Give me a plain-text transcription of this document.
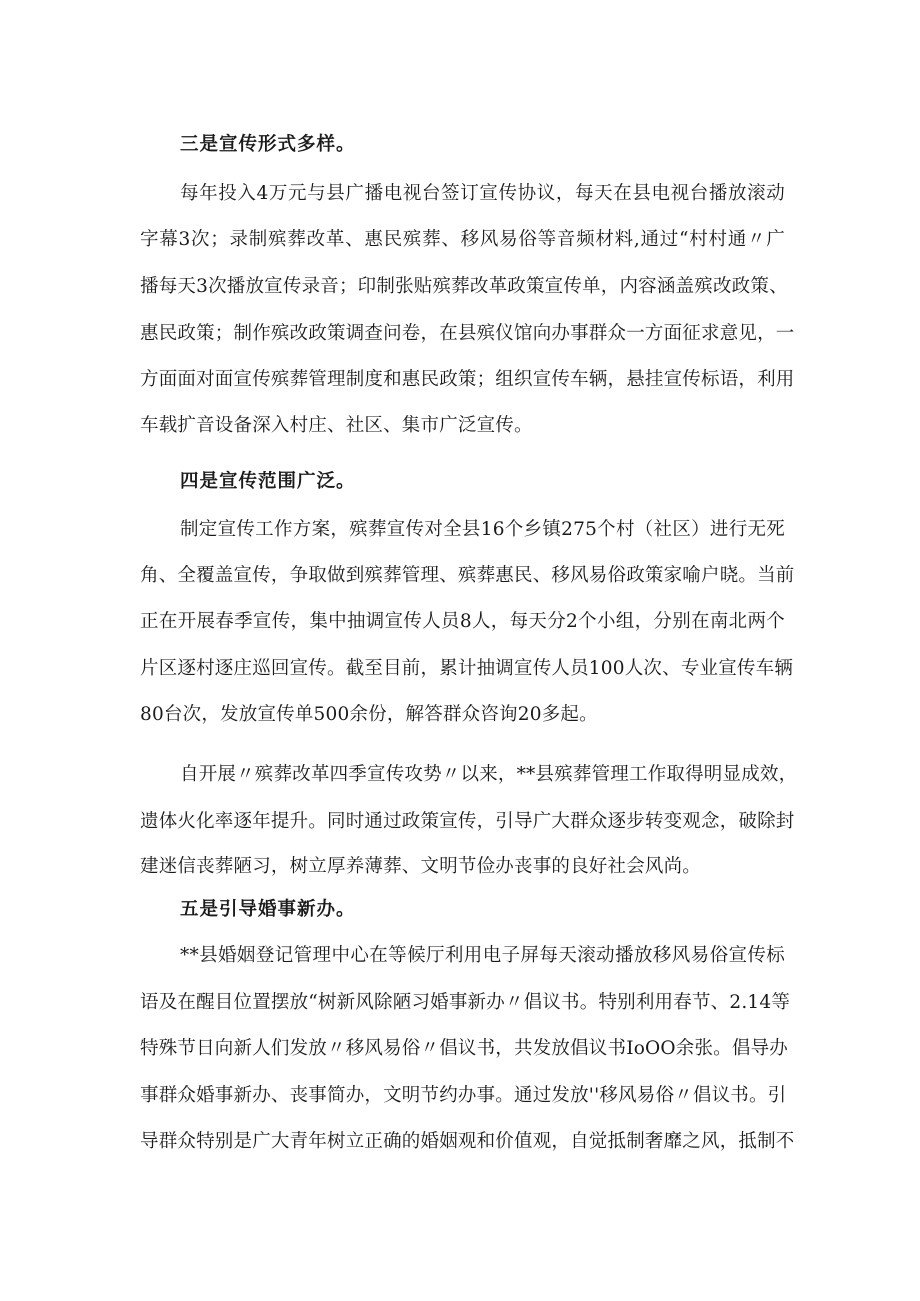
三是宣传形式多样。
每年投入4万元与县广播电视台签订宣传协议，每天在县电视台播放滚动
字幕3次；录制殡葬改革、惠民殡葬、移风易俗等音频材料,通过“村村通〃广
播每天3次播放宣传录音；印制张贴殡葬改革政策宣传单，内容涵盖殡改政策、
惠民政策；制作殡改政策调查问卷，在县殡仪馆向办事群众一方面征求意见，一
方面面对面宣传殡葬管理制度和惠民政策；组织宣传车辆，悬挂宣传标语，利用
车载扩音设备深入村庄、社区、集市广泛宣传。
四是宣传范围广泛。
制定宣传工作方案，殡葬宣传对全县16个乡镇275个村（社区）进行无死
角、全覆盖宣传，争取做到殡葬管理、殡葬惠民、移风易俗政策家喻户晓。当前
正在开展春季宣传，集中抽调宣传人员8人，每天分2个小组，分别在南北两个
片区逐村逐庄巡回宣传。截至目前，累计抽调宣传人员100人次、专业宣传车辆
80台次，发放宣传单500余份，解答群众咨询20多起。
自开展〃殡葬改革四季宣传攻势〃以来，**县殡葬管理工作取得明显成效，
遗体火化率逐年提升。同时通过政策宣传，引导广大群众逐步转变观念，破除封
建迷信丧葬陋习，树立厚养薄葬、文明节俭办丧事的良好社会风尚。
五是引导婚事新办。
**县婚姻登记管理中心在等候厅利用电子屏每天滚动播放移风易俗宣传标
语及在醒目位置摆放“树新风除陋习婚事新办〃倡议书。特别利用春节、2.14等
特殊节日向新人们发放〃移风易俗〃倡议书，共发放倡议书IoOO余张。倡导办
事群众婚事新办、丧事简办，文明节约办事。通过发放''移风易俗〃倡议书。引
导群众特别是广大青年树立正确的婚姻观和价值观，自觉抵制奢靡之风，抵制不
